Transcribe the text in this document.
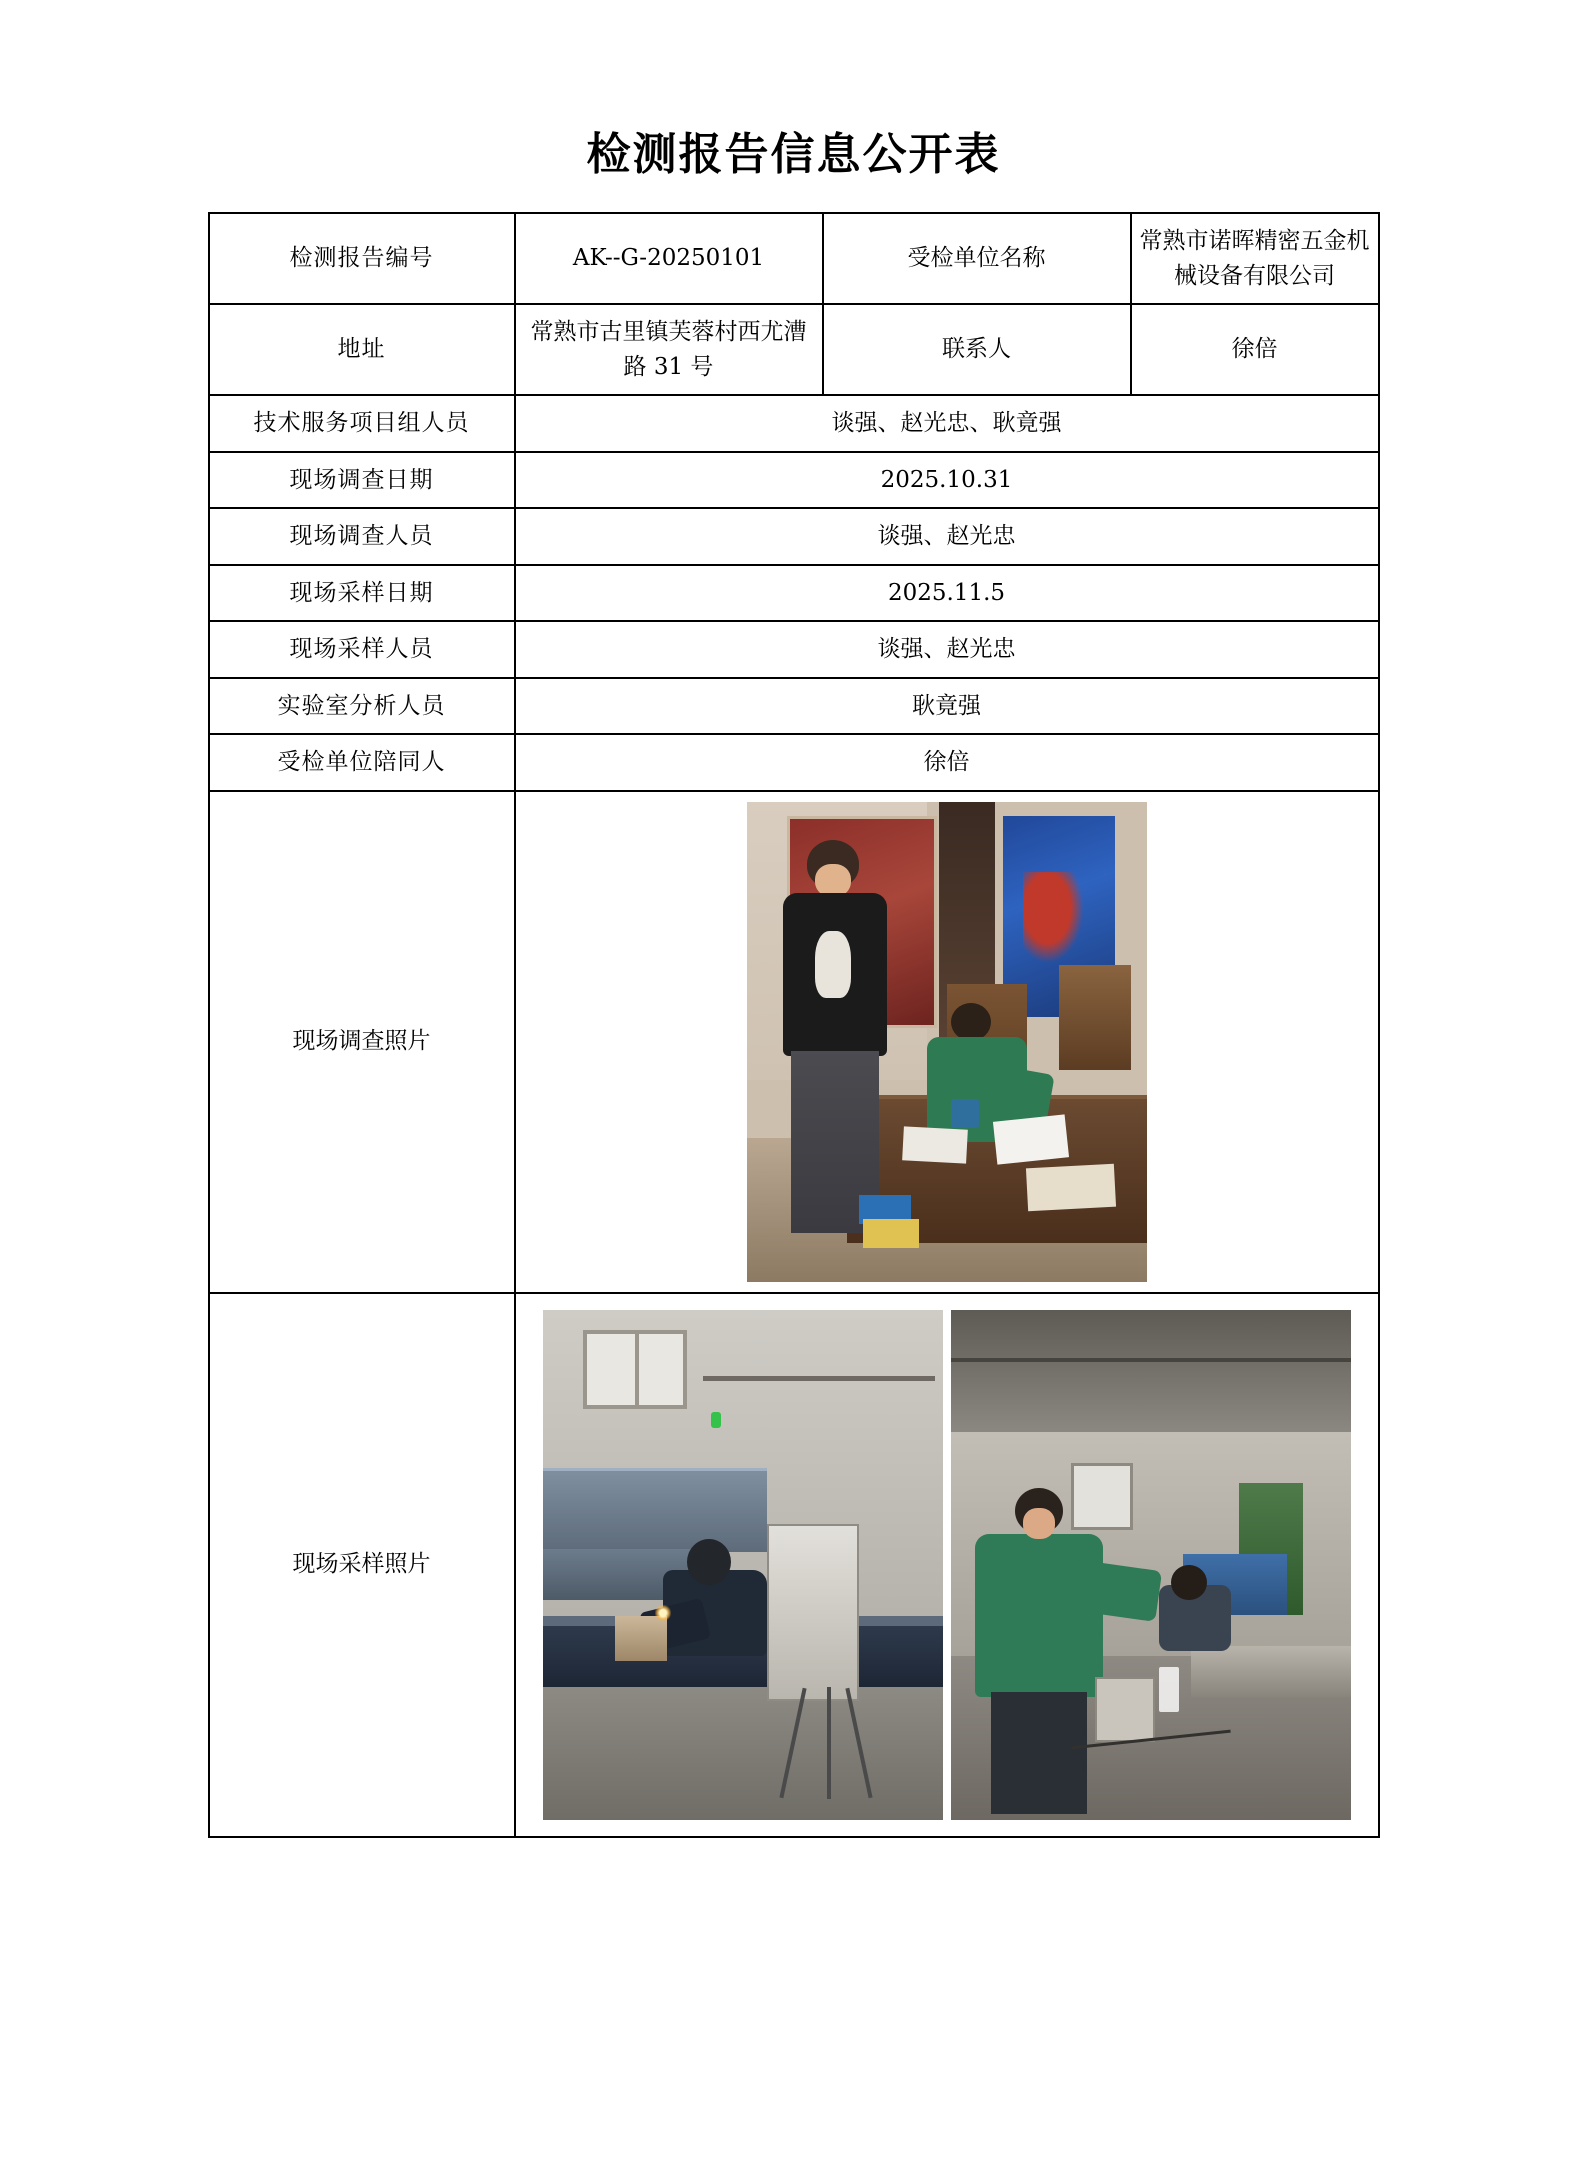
检测报告信息公开表
检测报告编号	AK--G-20250101	受检单位名称	常熟市诺晖精密五金机械设备有限公司
地址	常熟市古里镇芙蓉村西尤漕路 31 号	联系人	徐倍
技术服务项目组人员	谈强、赵光忠、耿竟强		
现场调查日期	2025.10.31		
现场调查人员	谈强、赵光忠		
现场采样日期	2025.11.5		
现场采样人员	谈强、赵光忠		
实验室分析人员	耿竟强		
受检单位陪同人	徐倍		
现场调查照片			

现场采样照片			
